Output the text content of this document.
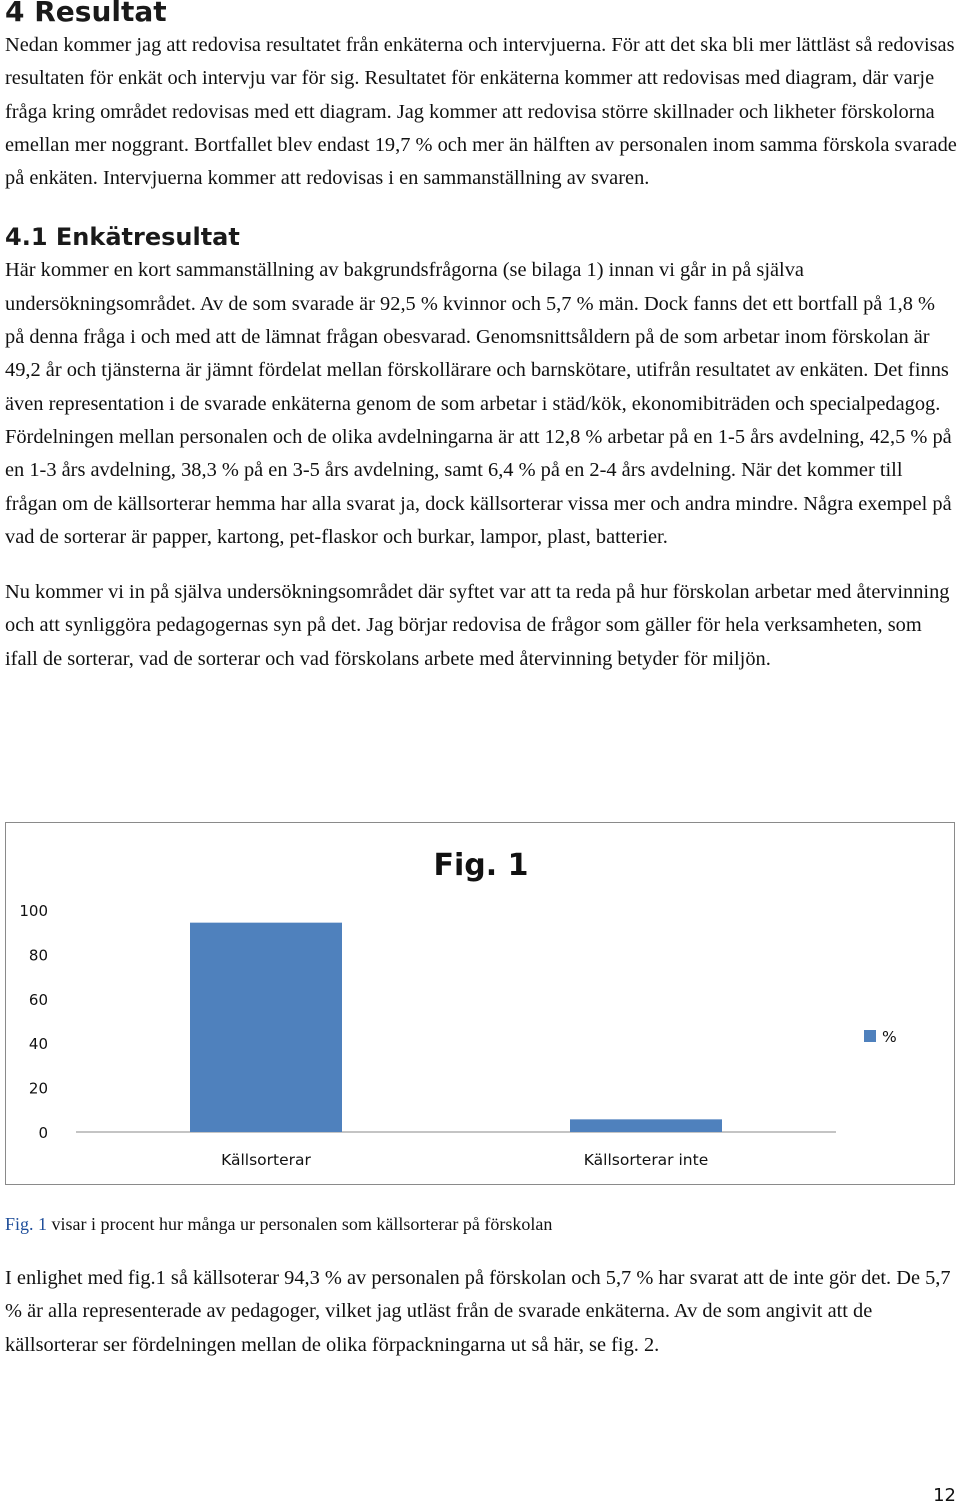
4 Resultat

Nedan kommer jag att redovisa resultatet från enkäterna och intervjuerna. För att det ska bli mer lättläst så redovisas resultaten för enkät och intervju var för sig. Resultatet för enkäterna kommer att redovisas med diagram, där varje fråga kring området redovisas med ett diagram. Jag kommer att redovisa större skillnader och likheter förskolorna emellan mer noggrant. Bortfallet blev endast 19,7 % och mer än hälften av personalen inom samma förskola svarade på enkäten. Intervjuerna kommer att redovisas i en sammanställning av svaren.

4.1 Enkätresultat

Här kommer en kort sammanställning av bakgrundsfrågorna (se bilaga 1) innan vi går in på själva undersökningsområdet. Av de som svarade är 92,5 % kvinnor och 5,7 % män. Dock fanns det ett bortfall på 1,8 % på denna fråga i och med att de lämnat frågan obesvarad. Genomsnittsåldern på de som arbetar inom förskolan är 49,2 år och tjänsterna är jämnt fördelat mellan förskollärare och barnskötare, utifrån resultatet av enkäten. Det finns även representation i de svarade enkäterna genom de som arbetar i städ/kök, ekonomibiträden och specialpedagog. Fördelningen mellan personalen och de olika avdelningarna är att 12,8 % arbetar på en 1-5 års avdelning, 42,5 % på en 1-3 års avdelning, 38,3 % på en 3-5 års avdelning, samt 6,4 % på en 2-4 års avdelning. När det kommer till frågan om de källsorterar hemma har alla svarat ja, dock källsorterar vissa mer och andra mindre. Några exempel på vad de sorterar är papper, kartong, pet-flaskor och burkar, lampor, plast, batterier.

Nu kommer vi in på själva undersökningsområdet där syftet var att ta reda på hur förskolan arbetar med återvinning och att synliggöra pedagogernas syn på det. Jag börjar redovisa de frågor som gäller för hela verksamheten, som ifall de sorterar, vad de sorterar och vad förskolans arbete med återvinning betyder för miljön.

Fig. 1
0
20
40
60
80
100
Källsorterar	Källsorterar inte
%
Fig. 1 visar i procent hur många ur personalen som källsorterar på förskolan

I enlighet med fig.1 så källsoterar 94,3 % av personalen på förskolan och 5,7 % har svarat att de inte gör det. De 5,7 % är alla representerade av pedagoger, vilket jag utläst från de svarade enkäterna. Av de som angivit att de källsorterar ser fördelningen mellan de olika förpackningarna ut så här, se fig. 2.

12
